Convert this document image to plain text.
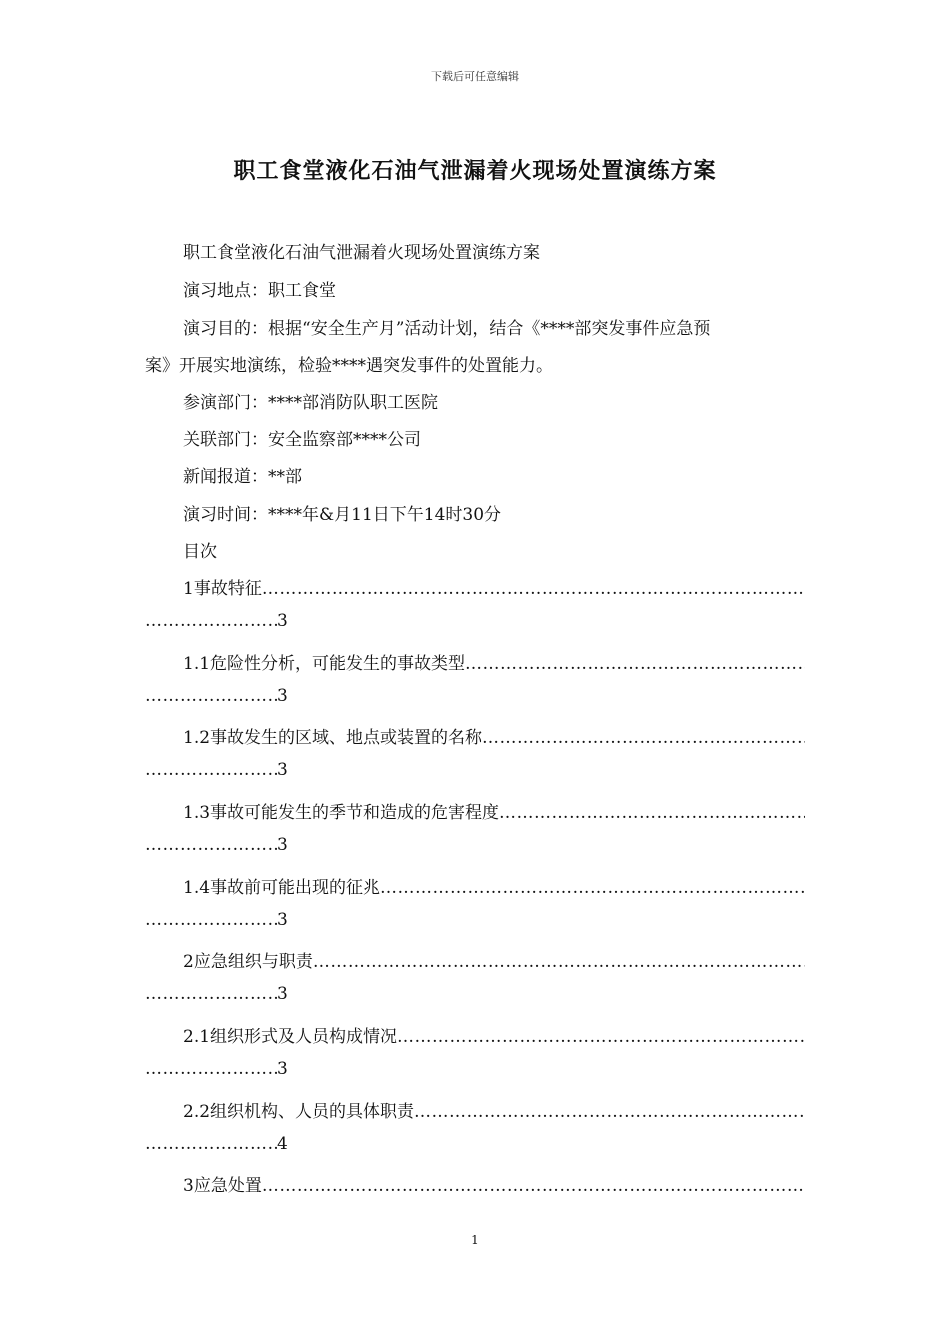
下载后可任意编辑
职工食堂液化石油气泄漏着火现场处置演练方案
职工食堂液化石油气泄漏着火现场处置演练方案
演习地点：职工食堂
演习目的：根据“安全生产月”活动计划，结合《****部突发事件应急预
案》开展实地演练，检验****遇突发事件的处置能力。
参演部门：****部消防队职工医院
关联部门：安全监察部****公司
新闻报道：**部
演习时间：****年&月11日下午14时30分
目次
1事故特征
…………………………………………………………………………………………………………………………………
……………………………………………………3
1.1危险性分析，可能发生的事故类型
…………………………………………………………………………………………………………………………………
……………………………………………………3
1.2事故发生的区域、地点或装置的名称
…………………………………………………………………………………………………………………………………
……………………………………………………3
1.3事故可能发生的季节和造成的危害程度
…………………………………………………………………………………………………………………………………
……………………………………………………3
1.4事故前可能出现的征兆
…………………………………………………………………………………………………………………………………
……………………………………………………3
2应急组织与职责
…………………………………………………………………………………………………………………………………
……………………………………………………3
2.1组织形式及人员构成情况
…………………………………………………………………………………………………………………………………
……………………………………………………3
2.2组织机构、人员的具体职责
…………………………………………………………………………………………………………………………………
……………………………………………………4
3应急处置
…………………………………………………………………………………………………………………………………
1
